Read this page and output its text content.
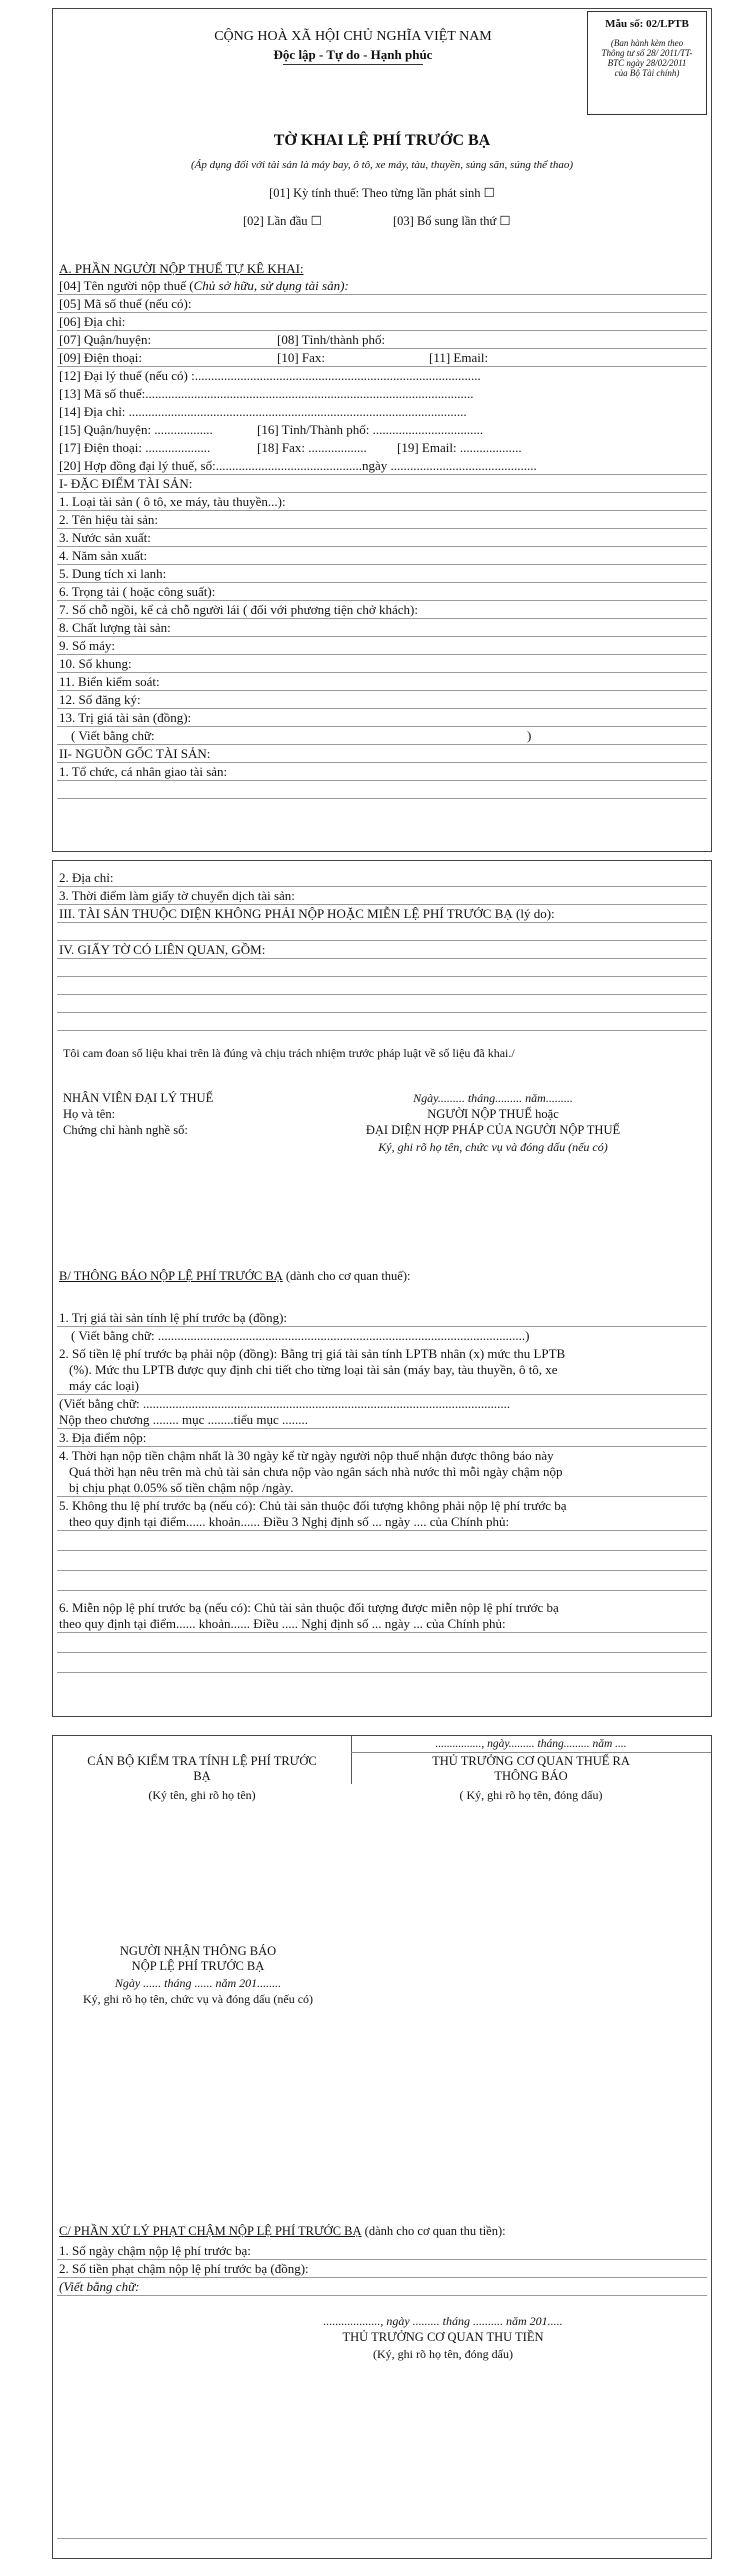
CỘNG HOÀ XÃ HỘI CHỦ NGHĨA VIỆT NAM
Độc lập - Tự do - Hạnh phúc
Mẫu số: 02/LPTB
(Ban hành kèm theo
Thông tư số 28/ 2011/TT-
BTC ngày 28/02/2011
của Bộ Tài chính)
TỜ KHAI LỆ PHÍ TRƯỚC BẠ
(Áp dụng đối với tài sản là máy bay, ô tô, xe máy, tàu, thuyền, súng săn, súng thể thao)
[01] Kỳ tính thuế: Theo từng lần phát sinh ☐
[02] Lần đầu ☐	[03] Bổ sung lần thứ ☐
A. PHẦN NGƯỜI NỘP THUẾ TỰ KÊ KHAI:
[04] Tên người nộp thuế (Chủ sở hữu, sử dụng tài sản):
[05] Mã số thuế (nếu có):
[06] Địa chỉ:
[07] Quận/huyện:	[08] Tỉnh/thành phố:
[09] Điện thoại:	[10] Fax:	[11] Email:
[12] Đại lý thuế (nếu có) :........................................................................................
[13] Mã số thuế:.....................................................................................................
[14] Địa chỉ: ........................................................................................................
[15] Quận/huyện: ..................	[16] Tỉnh/Thành phố: ..................................
[17] Điện thoại: ....................	[18] Fax: .................. [19] Email: ...................
[20] Hợp đồng đại lý thuế, số:.............................................ngày .............................................
I- ĐẶC ĐIỂM TÀI SẢN:
1. Loại tài sản ( ô tô, xe máy, tàu thuyền...):
2. Tên hiệu tài sản:
3. Nước sản xuất:
4. Năm sản xuất:
5. Dung tích xi lanh:
6. Trọng tải ( hoặc công suất):
7. Số chỗ ngồi, kể cả chỗ người lái ( đối với phương tiện chở khách):
8. Chất lượng tài sản:
9. Số máy:
10. Số khung:
11. Biển kiểm soát:
12. Số đăng ký:
13. Trị giá tài sản (đồng):
( Viết bằng chữ:	)
II- NGUỒN GỐC TÀI SẢN:
1. Tổ chức, cá nhân giao tài sản:
2. Địa chỉ:
3. Thời điểm làm giấy tờ chuyển dịch tài sản:
III. TÀI SẢN THUỘC DIỆN KHÔNG PHẢI NỘP HOẶC MIỄN LỆ PHÍ TRƯỚC BẠ (lý do):
IV. GIẤY TỜ CÓ LIÊN QUAN, GỒM:
Tôi cam đoan số liệu khai trên là đúng và chịu trách nhiệm trước pháp luật về số liệu đã khai./
NHÂN VIÊN ĐẠI LÝ THUẾ
Họ và tên:
Chứng chỉ hành nghề số:
Ngày......... tháng......... năm.........
NGƯỜI NỘP THUẾ hoặc
ĐẠI DIỆN HỢP PHÁP CỦA NGƯỜI NỘP THUẾ
Ký, ghi rõ họ tên, chức vụ và đóng dấu (nếu có)
B/ THÔNG BÁO NỘP LỆ PHÍ TRƯỚC BẠ (dành cho cơ quan thuế):
1. Trị giá tài sản tính lệ phí trước bạ (đồng):
( Viết bằng chữ: .................................................................................................................)
2. Số tiền lệ phí trước bạ phải nộp (đồng): Bằng trị giá tài sản tính LPTB nhân (x) mức thu LPTB
(%). Mức thu LPTB được quy định chi tiết cho từng loại tài sản (máy bay, tàu thuyền, ô tô, xe
máy các loại)
(Viết bằng chữ: .................................................................................................................
Nộp theo chương ........ mục ........tiểu mục ........
3. Địa điểm nộp:
4. Thời hạn nộp tiền chậm nhất là 30 ngày kể từ ngày người nộp thuế nhận được thông báo này
Quá thời hạn nêu trên mà chủ tài sản chưa nộp vào ngân sách nhà nước thì mỗi ngày chậm nộp
bị chịu phạt 0.05% số tiền chậm nộp /ngày.
5. Không thu lệ phí trước bạ (nếu có): Chủ tài sản thuộc đối tượng không phải nộp lệ phí trước bạ
theo quy định tại điểm...... khoản...... Điều 3 Nghị định số ... ngày .... của Chính phủ:
6. Miễn nộp lệ phí trước bạ (nếu có): Chủ tài sản thuộc đối tượng được miễn nộp lệ phí trước bạ
theo quy định tại điểm...... khoản...... Điều ..... Nghị định số ... ngày ... của Chính phủ:
................, ngày......... tháng......... năm ....
CÁN BỘ KIỂM TRA TÍNH LỆ PHÍ TRƯỚC
BẠ
(Ký tên, ghi rõ họ tên)
THỦ TRƯỞNG CƠ QUAN THUẾ RA
THÔNG BÁO
( Ký, ghi rõ họ tên, đóng dấu)
NGƯỜI NHẬN THÔNG BÁO
NỘP LỆ PHÍ TRƯỚC BẠ
Ngày ...... tháng ...... năm 201........
Ký, ghi rõ họ tên, chức vụ và đóng dấu (nếu có)
C/ PHẦN XỬ LÝ PHẠT CHẬM NỘP LỆ PHÍ TRƯỚC BẠ (dành cho cơ quan thu tiền):
1. Số ngày chậm nộp lệ phí trước bạ:
2. Số tiền phạt chậm nộp lệ phí trước bạ (đồng):
(Viết bằng chữ:
..................., ngày ......... tháng .......... năm 201.....
THỦ TRƯỞNG CƠ QUAN THU TIỀN
(Ký, ghi rõ họ tên, đóng dấu)
